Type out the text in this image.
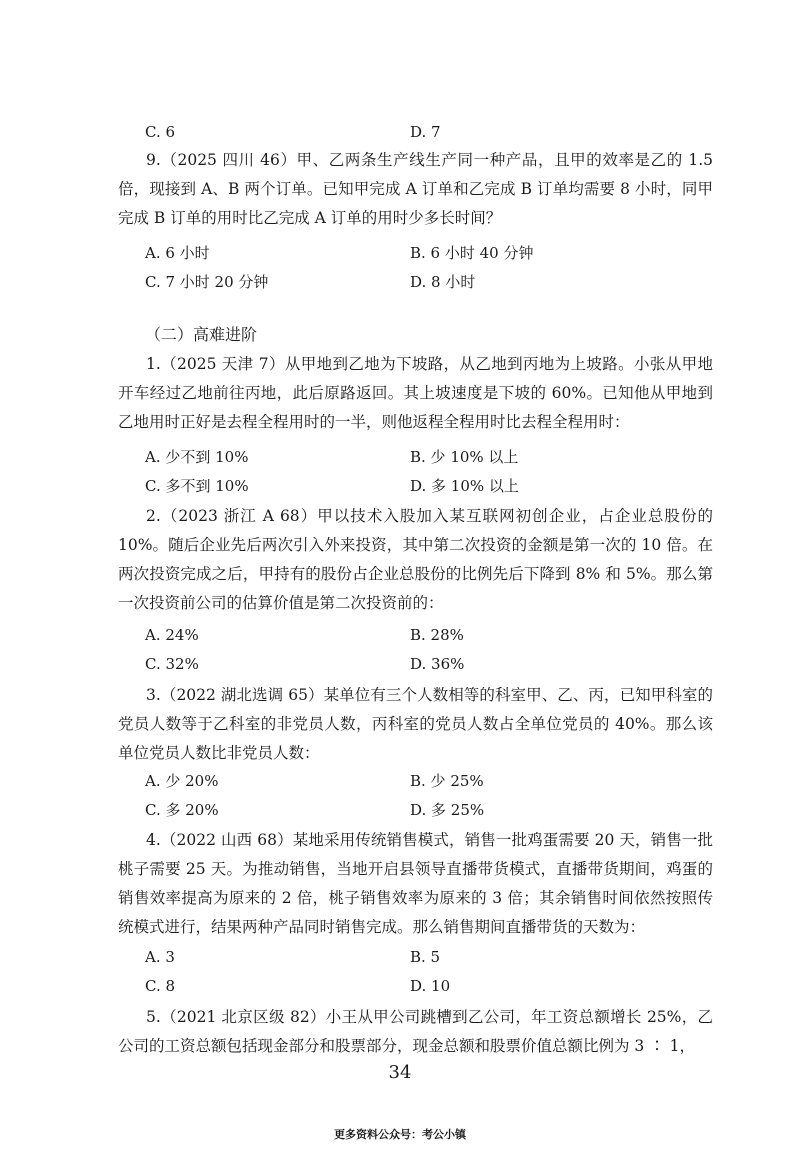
C. 6	D. 7
9.（2025 四川 46）甲、乙两条生产线生产同一种产品，且甲的效率是乙的 1.5 倍，现接到 A、B 两个订单。已知甲完成 A 订单和乙完成 B 订单均需要 8 小时，同甲完成 B 订单的用时比乙完成 A 订单的用时少多长时间？
A. 6 小时	B. 6 小时 40 分钟
C. 7 小时 20 分钟	D. 8 小时
（二）高难进阶
1.（2025 天津 7）从甲地到乙地为下坡路，从乙地到丙地为上坡路。小张从甲地开车经过乙地前往丙地，此后原路返回。其上坡速度是下坡的 60%。已知他从甲地到乙地用时正好是去程全程用时的一半，则他返程全程用时比去程全程用时：
A. 少不到 10%	B. 少 10% 以上
C. 多不到 10%	D. 多 10% 以上
2.（2023 浙江 A 68）甲以技术入股加入某互联网初创企业，占企业总股份的 10%。随后企业先后两次引入外来投资，其中第二次投资的金额是第一次的 10 倍。在两次投资完成之后，甲持有的股份占企业总股份的比例先后下降到 8% 和 5%。那么第一次投资前公司的估算价值是第二次投资前的：
A. 24%	B. 28%
C. 32%	D. 36%
3.（2022 湖北选调 65）某单位有三个人数相等的科室甲、乙、丙，已知甲科室的党员人数等于乙科室的非党员人数，丙科室的党员人数占全单位党员的 40%。那么该单位党员人数比非党员人数：
A. 少 20%	B. 少 25%
C. 多 20%	D. 多 25%
4.（2022 山西 68）某地采用传统销售模式，销售一批鸡蛋需要 20 天，销售一批桃子需要 25 天。为推动销售，当地开启县领导直播带货模式，直播带货期间，鸡蛋的销售效率提高为原来的 2 倍，桃子销售效率为原来的 3 倍；其余销售时间依然按照传统模式进行，结果两种产品同时销售完成。那么销售期间直播带货的天数为：
A. 3	B. 5
C. 8	D. 10
5.（2021 北京区级 82）小王从甲公司跳槽到乙公司，年工资总额增长 25%，乙公司的工资总额包括现金部分和股票部分，现金总额和股票价值总额比例为 3 ∶ 1，
34
更多资料公众号：考公小镇
